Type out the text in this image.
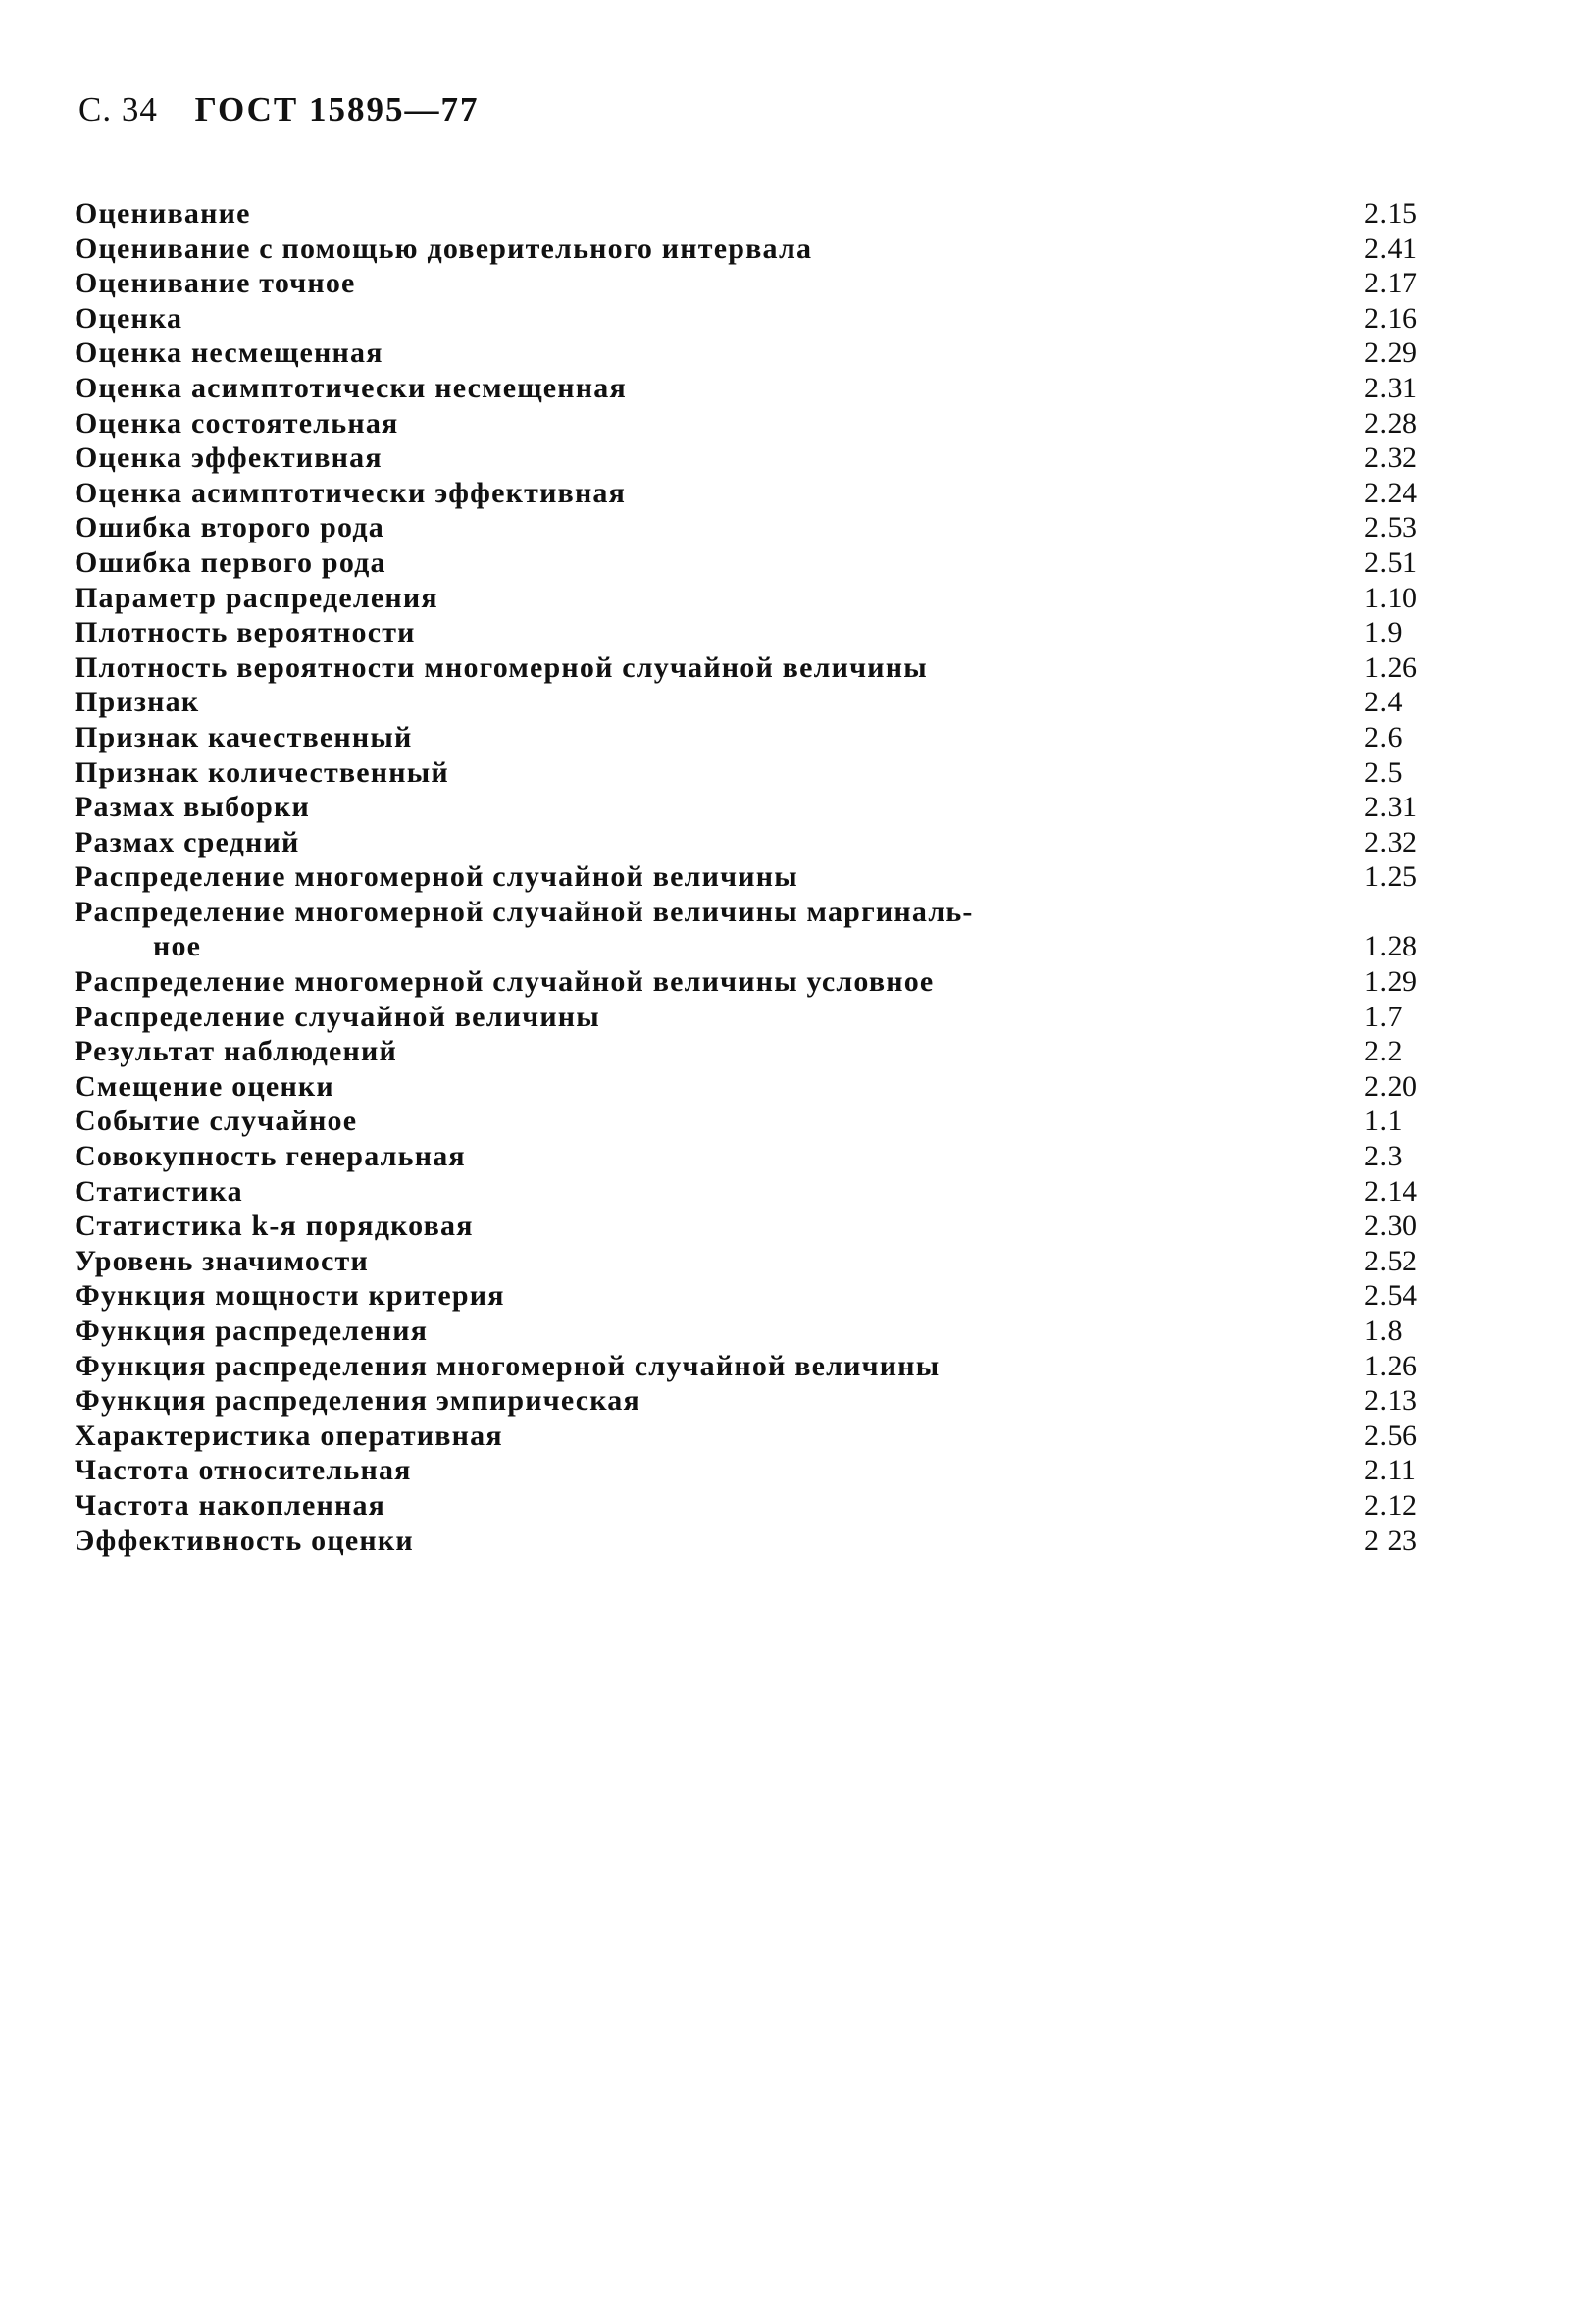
С. 34 ГОСТ 15895—77
Оценивание	2.15
Оценивание с помощью доверительного интервала	2.41
Оценивание точное	2.17
Оценка	2.16
Оценка несмещенная	2.29
Оценка асимптотически несмещенная	2.31
Оценка состоятельная	2.28
Оценка эффективная	2.32
Оценка асимптотически эффективная	2.24
Ошибка второго рода	2.53
Ошибка первого рода	2.51
Параметр распределения	1.10
Плотность вероятности	1.9
Плотность вероятности многомерной случайной величины	1.26
Признак	2.4
Признак качественный	2.6
Признак количественный	2.5
Размах выборки	2.31
Размах средний	2.32
Распределение многомерной случайной величины	1.25
Распределение многомерной случайной величины маргиналь-
ное	1.28
Распределение многомерной случайной величины условное	1.29
Распределение случайной величины	1.7
Результат наблюдений	2.2
Смещение оценки	2.20
Событие случайное	1.1
Совокупность генеральная	2.3
Статистика	2.14
Статистика k-я порядковая	2.30
Уровень значимости	2.52
Функция мощности критерия	2.54
Функция распределения	1.8
Функция распределения многомерной случайной величины	1.26
Функция распределения эмпирическая	2.13
Характеристика оперативная	2.56
Частота относительная	2.11
Частота накопленная	2.12
Эффективность оценки	2 23
